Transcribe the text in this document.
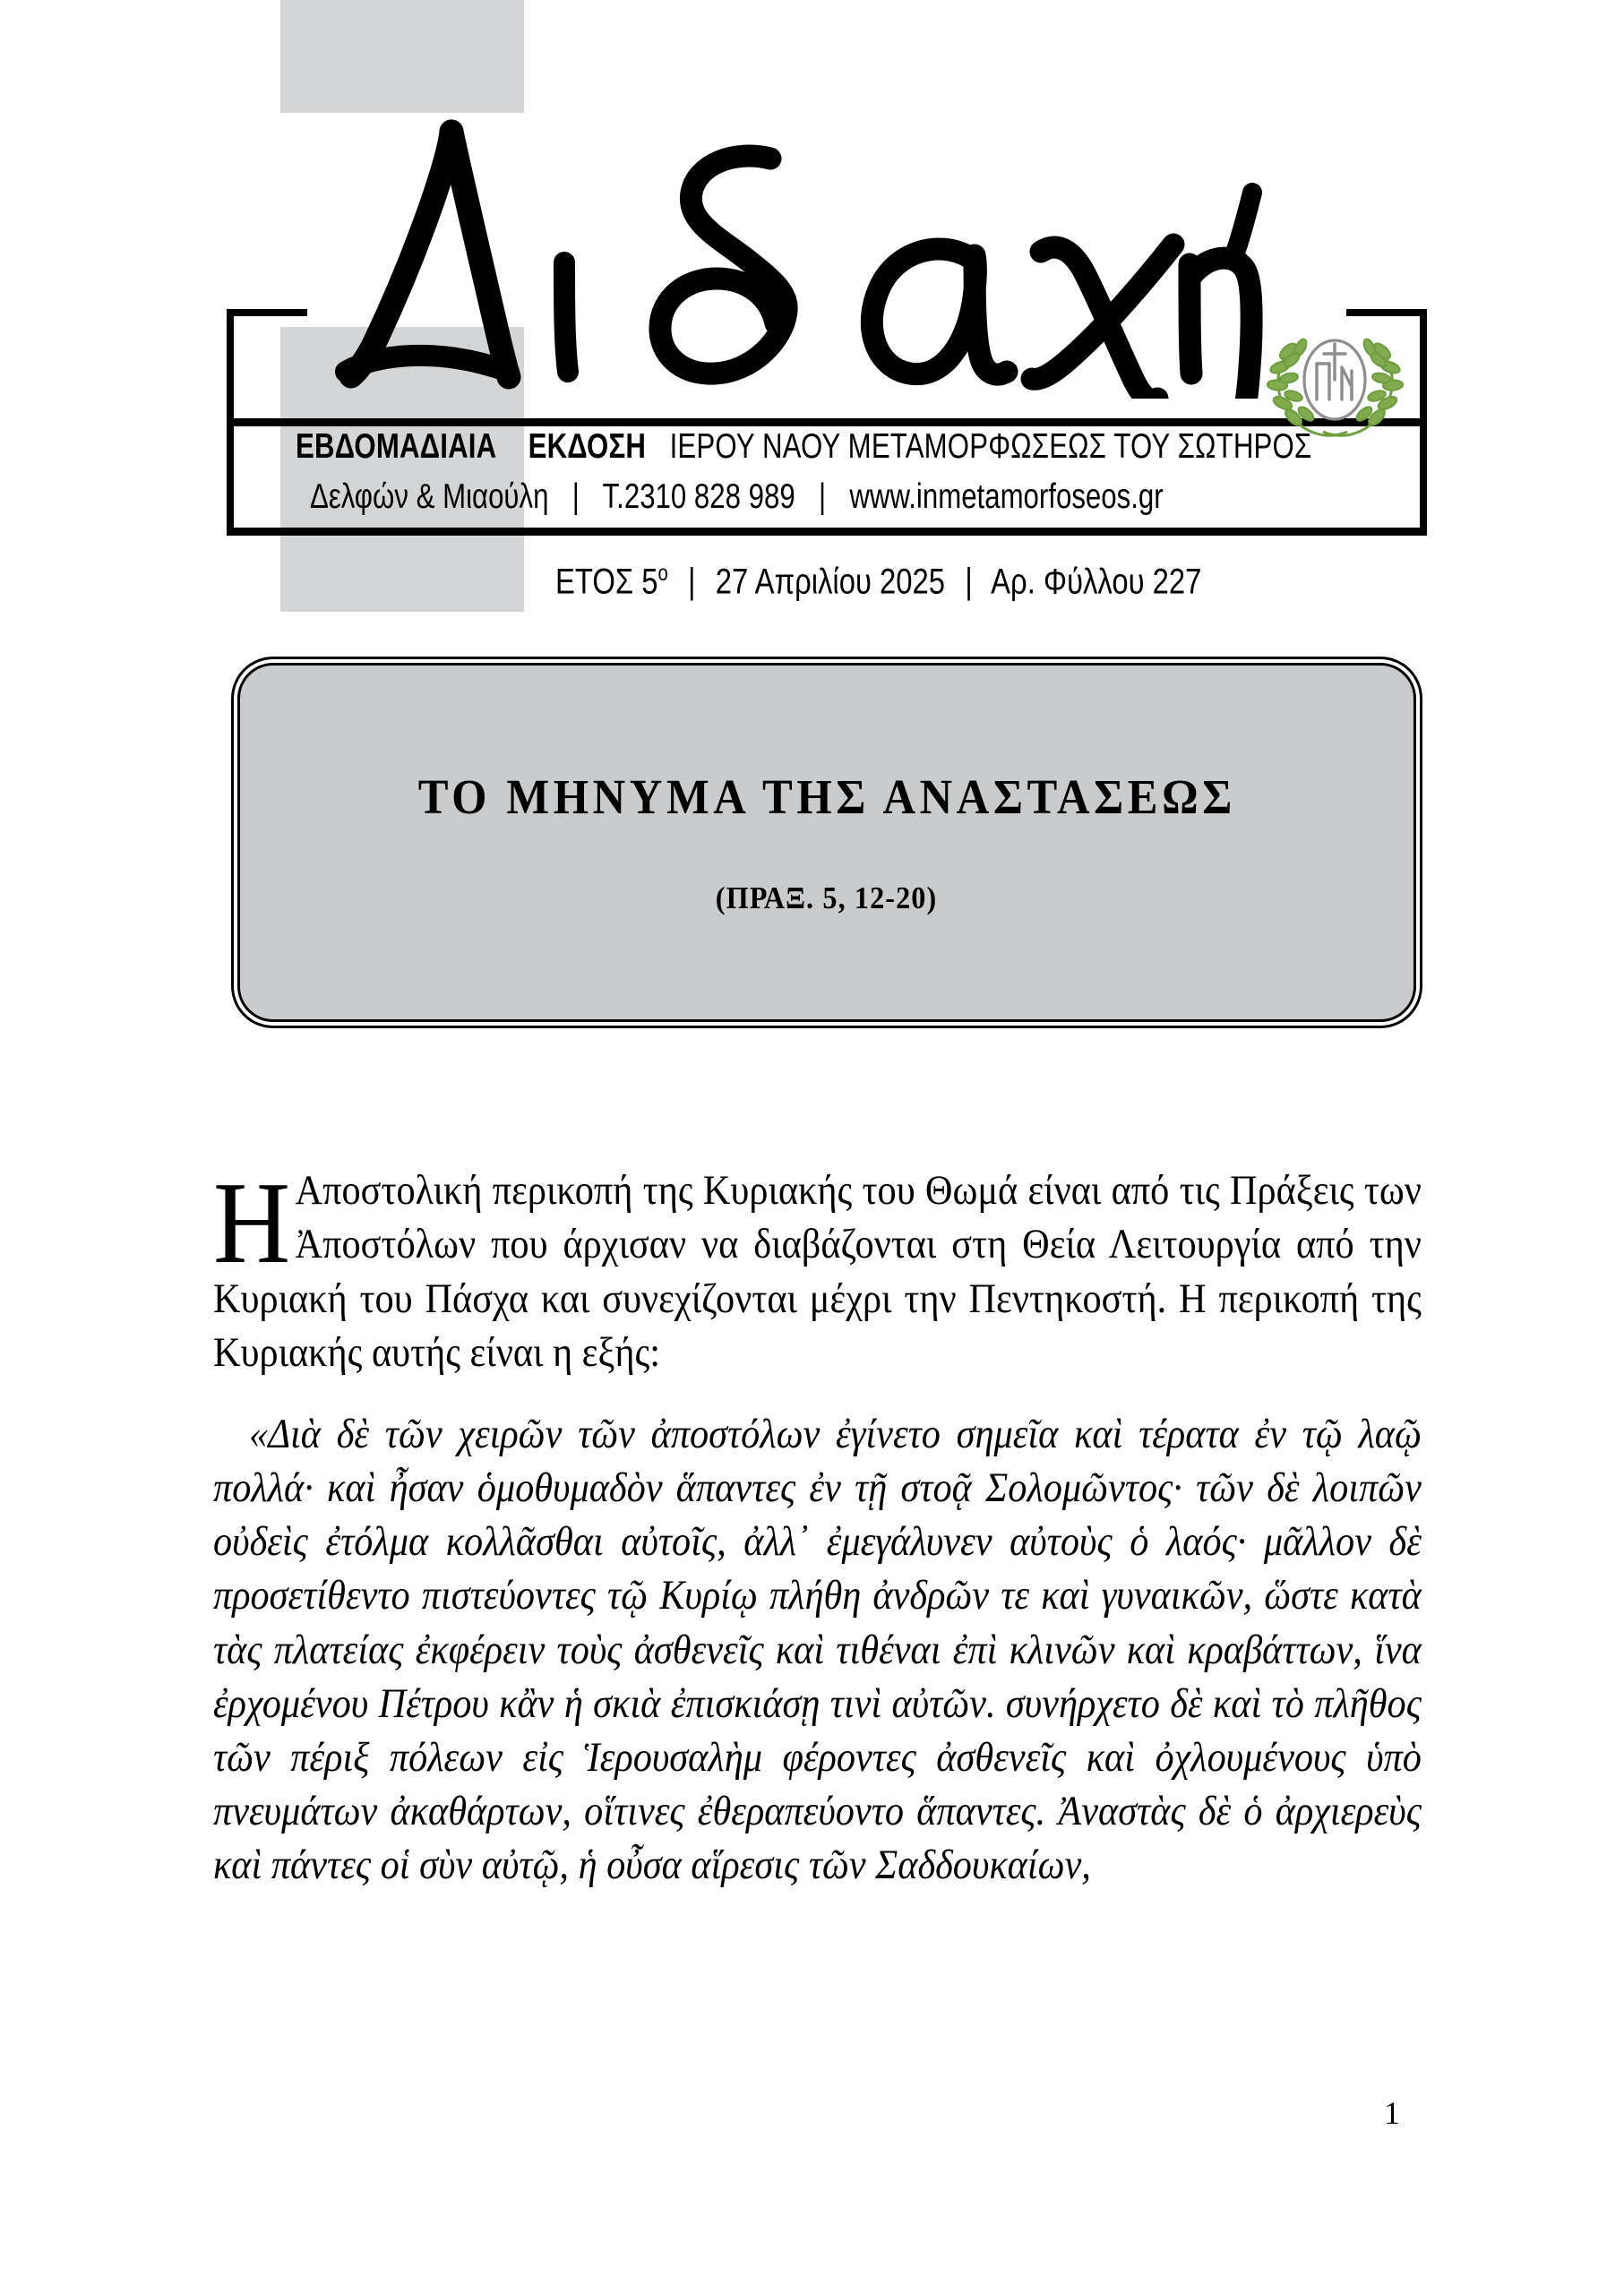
ΕΒΔΟΜΑΔΙΑΙΑ ΕΚΔΟΣΗ ΙΕΡΟΥ ΝΑΟΥ ΜΕΤΑΜΟΡΦΩΣΕΩΣ ΤΟΥ ΣΩΤΗΡΟΣ
Δελφών & Μιαούλη | Τ.2310 828 989 | www.inmetamorfoseos.gr
ΕΤΟΣ $5^o$ | 27 Απριλίου 2025 | Αρ. Φύλλου 227
ΤΟ ΜΗΝΥΜΑ ΤΗΣ ΑΝΑΣΤΑΣΕΩΣ
(ΠΡΑΞ. 5, 12-20)

ΗΑποστολική περικοπή της Κυριακής του Θωμά είναι από τις Πράξεις των Ἀποστόλων που άρχισαν να διαβάζονται στη Θεία Λειτουργία από την Κυριακή του Πάσχα και συνεχίζονται μέχρι την Πεντηκοστή. Η περικοπή της Κυριακής αυτής είναι η εξής:

«Διὰ δὲ τῶν χειρῶν τῶν ἀποστόλων ἐγίνετο σημεῖα καὶ τέρατα ἐν τῷ λαῷ πολλά· καὶ ἦσαν ὁμοθυμαδὸν ἅπαντες ἐν τῇ στοᾷ Σολομῶντος· τῶν δὲ λοιπῶν οὐδεὶς ἐτόλμα κολλᾶσθαι αὐτοῖς, ἀλλ᾿ ἐμεγάλυνεν αὐτοὺς ὁ λαός· μᾶλλον δὲ προσετίθεντο πιστεύοντες τῷ Κυρίῳ πλήθη ἀνδρῶν τε καὶ γυναικῶν, ὥστε κατὰ τὰς πλατείας ἐκφέρειν τοὺς ἀσθενεῖς καὶ τιθέναι ἐπὶ κλινῶν καὶ κραβάττων, ἵνα ἐρχομένου Πέτρου κἂν ἡ σκιὰ ἐπισκιάσῃ τινὶ αὐτῶν. συνήρχετο δὲ καὶ τὸ πλῆθος τῶν πέριξ πόλεων εἰς Ἱερουσαλὴμ φέροντες ἀσθενεῖς καὶ ὀχλουμένους ὑπὸ πνευμάτων ἀκαθάρτων, οἵτινες ἐθεραπεύοντο ἅπαντες. Ἀναστὰς δὲ ὁ ἀρχιερεὺς καὶ πάντες οἱ σὺν αὐτῷ, ἡ οὖσα αἵρεσις τῶν Σαδδουκαίων,

1
